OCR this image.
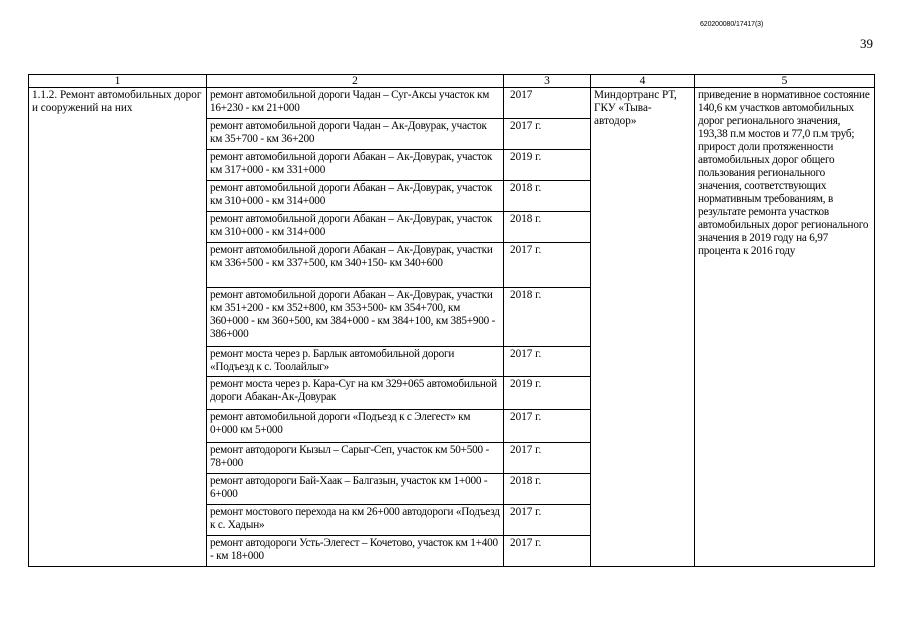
620200080/17417(3)
39
1	2	3	4	5
1.1.2. Ремонт автомобильных дорог и сооружений на них	ремонт автомобильной дороги Чадан – Суг-Аксы участок км 16+230 - км 21+000	2017	Миндортранс РТ, ГКУ «Тыва-автодор»	приведение в нормативное состояние 140,6 км участков автомобильных дорог регионального значения, 193,38 п.м мостов и 77,0 п.м труб; прирост доли протяженности автомобильных дорог общего пользования регионального значения, соответствующих нормативным требованиям, в результате ремонта участков автомобильных дорог регионального значения в 2019 году на 6,97 процента к 2016 году
	ремонт автомобильной дороги Чадан – Ак-Довурак, участок км 35+700 - км 36+200	2017 г.		
	ремонт автомобильной дороги Абакан – Ак-Довурак, участок км 317+000 - км 331+000	2019 г.		
	ремонт автомобильной дороги Абакан – Ак-Довурак, участок км 310+000 - км 314+000	2018 г.		
	ремонт автомобильной дороги Абакан – Ак-Довурак, участок км 310+000 - км 314+000	2018 г.		
	ремонт автомобильной дороги Абакан – Ак-Довурак, участки км 336+500 - км 337+500, км 340+150- км 340+600	2017 г.		
	ремонт автомобильной дороги Абакан – Ак-Довурак, участки км 351+200 - км 352+800, км 353+500- км 354+700, км 360+000 - км 360+500, км 384+000 - км 384+100, км 385+900 - 386+000	2018 г.		
	ремонт моста через р. Барлык автомобильной дороги «Подъезд к с. Тоолайлыг»	2017 г.		
	ремонт моста через р. Кара-Суг на км 329+065 автомобильной дороги Абакан-Ак-Довурак	2019 г.		
	ремонт автомобильной дороги «Подъезд к с Элегест» км 0+000 км 5+000	2017 г.		
	ремонт автодороги Кызыл – Сарыг-Сеп, участок км 50+500 - 78+000	2017 г.		
	ремонт автодороги Бай-Хаак – Балгазын, участок км 1+000 - 6+000	2018 г.		
	ремонт мостового перехода на км 26+000 автодороги «Подъезд к с. Хадын»	2017 г.		
	ремонт автодороги Усть-Элегест – Кочетово, участок км 1+400 - км 18+000	2017 г.		
